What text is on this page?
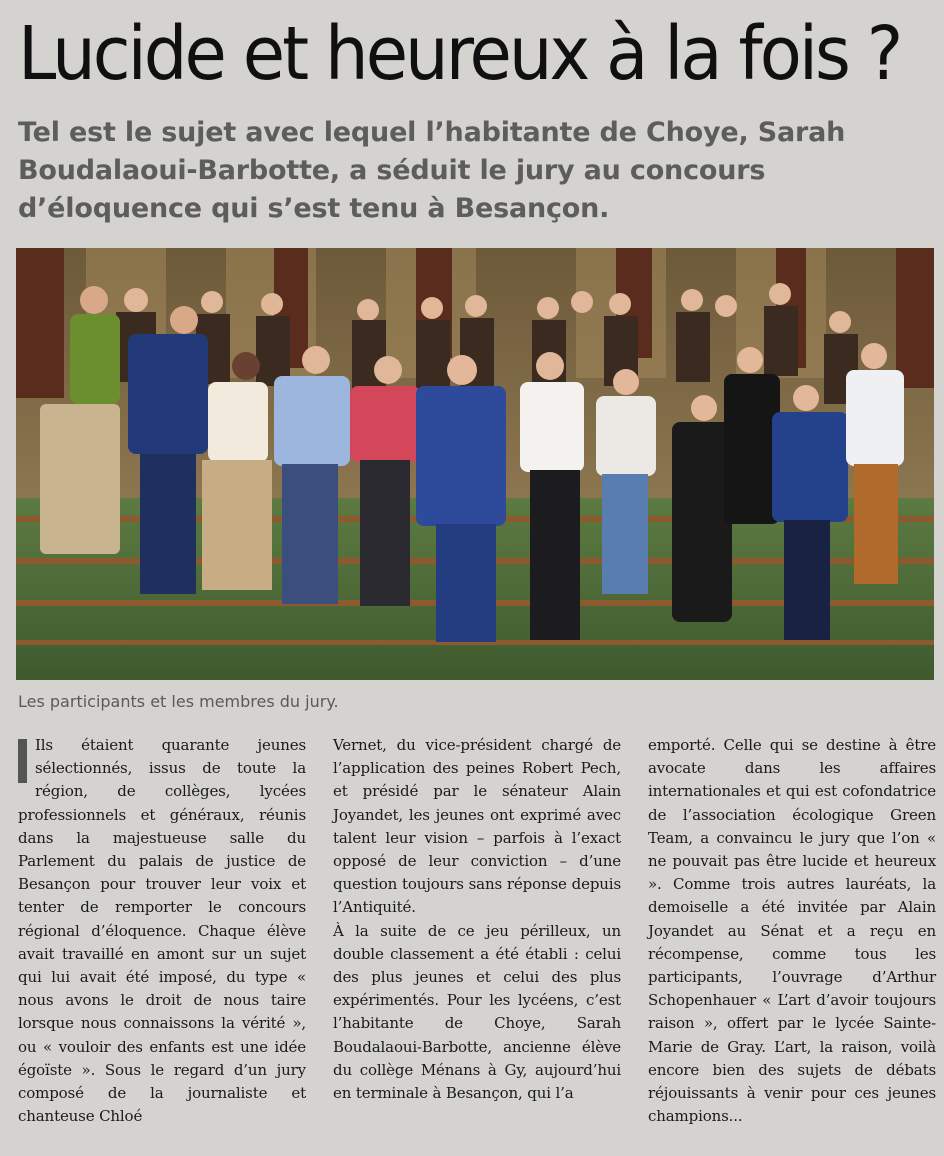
Lucide et heureux à la fois ?

Tel est le sujet avec lequel l’habitante de Choye, Sarah Boudalaoui-Barbotte, a séduit le jury au concours d’éloquence qui s’est tenu à Besançon.

Les participants et les membres du jury.

Ils étaient quarante jeunes sélectionnés, issus de toute la région, de collèges, lycées professionnels et généraux, réunis dans la majestueuse salle du Parlement du palais de justice de Besançon pour trouver leur voix et tenter de remporter le concours régional d’éloquence. Chaque élève avait travaillé en amont sur un sujet qui lui avait été imposé, du type « nous avons le droit de nous taire lorsque nous connaissons la vérité », ou « vouloir des enfants est une idée égoïste ». Sous le regard d’un jury composé de la journaliste et chanteuse Chloé

Vernet, du vice-président chargé de l’application des peines Robert Pech, et présidé par le sénateur Alain Joyandet, les jeunes ont exprimé avec talent leur vision – parfois à l’exact opposé de leur conviction – d’une question toujours sans réponse depuis l’Antiquité.

À la suite de ce jeu périlleux, un double classement a été établi : celui des plus jeunes et celui des plus expérimentés. Pour les lycéens, c’est l’habitante de Choye, Sarah Boudalaoui-Barbotte, ancienne élève du collège Ménans à Gy, aujourd’hui en terminale à Besançon, qui l’a

emporté. Celle qui se destine à être avocate dans les affaires internationales et qui est cofondatrice de l’association écologique Green Team, a convaincu le jury que l’on « ne pouvait pas être lucide et heureux ». Comme trois autres lauréats, la demoiselle a été invitée par Alain Joyandet au Sénat et a reçu en récompense, comme tous les participants, l’ouvrage d’Arthur Schopenhauer « L’art d’avoir toujours raison », offert par le lycée Sainte-Marie de Gray. L’art, la raison, voilà encore bien des sujets de débats réjouissants à venir pour ces jeunes champions...
